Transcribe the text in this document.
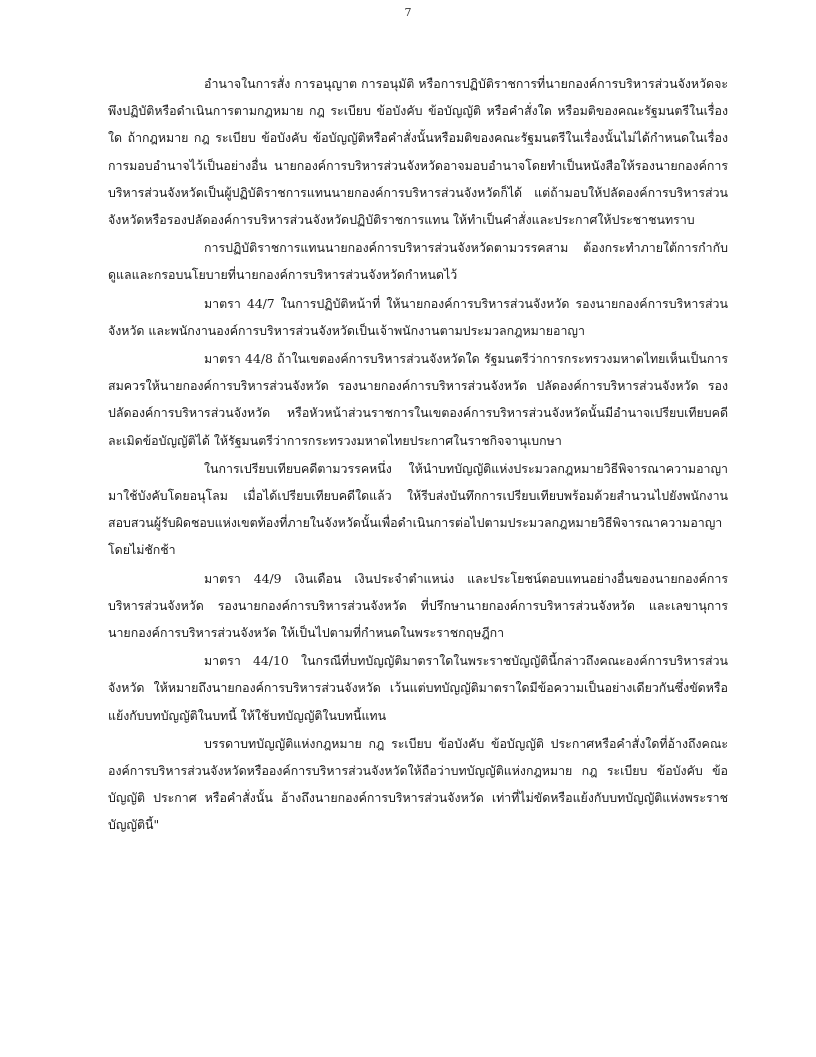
7

อำนาจในการสั่ง การอนุญาต การอนุมัติ หรือการปฏิบัติราชการที่นายกองค์การบริหารส่วนจังหวัดจะพึงปฏิบัติหรือดำเนินการตามกฎหมาย กฎ ระเบียบ ข้อบังคับ ข้อบัญญัติ หรือคำสั่งใด หรือมติของคณะรัฐมนตรีในเรื่องใด ถ้ากฎหมาย กฎ ระเบียบ ข้อบังคับ ข้อบัญญัติหรือคำสั่งนั้นหรือมติของคณะรัฐมนตรีในเรื่องนั้นไม่ได้กำหนดในเรื่องการมอบอำนาจไว้เป็นอย่างอื่น นายกองค์การบริหารส่วนจังหวัดอาจมอบอำนาจโดยทำเป็นหนังสือให้รองนายกองค์การบริหารส่วนจังหวัดเป็นผู้ปฏิบัติราชการแทนนายกองค์การบริหารส่วนจังหวัดก็ได้ แต่ถ้ามอบให้ปลัดองค์การบริหารส่วนจังหวัดหรือรองปลัดองค์การบริหารส่วนจังหวัดปฏิบัติราชการแทน ให้ทำเป็นคำสั่งและประกาศให้ประชาชนทราบ

การปฏิบัติราชการแทนนายกองค์การบริหารส่วนจังหวัดตามวรรคสาม ต้องกระทำภายใต้การกำกับดูแลและกรอบนโยบายที่นายกองค์การบริหารส่วนจังหวัดกำหนดไว้

มาตรา 44/7 ในการปฏิบัติหน้าที่ ให้นายกองค์การบริหารส่วนจังหวัด รองนายกองค์การบริหารส่วนจังหวัด และพนักงานองค์การบริหารส่วนจังหวัดเป็นเจ้าพนักงานตามประมวลกฎหมายอาญา

มาตรา 44/8 ถ้าในเขตองค์การบริหารส่วนจังหวัดใด รัฐมนตรีว่าการกระทรวงมหาดไทยเห็นเป็นการสมควรให้นายกองค์การบริหารส่วนจังหวัด รองนายกองค์การบริหารส่วนจังหวัด ปลัดองค์การบริหารส่วนจังหวัด รองปลัดองค์การบริหารส่วนจังหวัด หรือหัวหน้าส่วนราชการในเขตองค์การบริหารส่วนจังหวัดนั้นมีอำนาจเปรียบเทียบคดีละเมิดข้อบัญญัติได้ ให้รัฐมนตรีว่าการกระทรวงมหาดไทยประกาศในราชกิจจานุเบกษา

ในการเปรียบเทียบคดีตามวรรคหนึ่ง ให้นำบทบัญญัติแห่งประมวลกฎหมายวิธีพิจารณาความอาญามาใช้บังคับโดยอนุโลม เมื่อได้เปรียบเทียบคดีใดแล้ว ให้รีบส่งบันทึกการเปรียบเทียบพร้อมด้วยสำนวนไปยังพนักงานสอบสวนผู้รับผิดชอบแห่งเขตท้องที่ภายในจังหวัดนั้นเพื่อดำเนินการต่อไปตามประมวลกฎหมายวิธีพิจารณาความอาญาโดยไม่ชักช้า

มาตรา 44/9 เงินเดือน เงินประจำตำแหน่ง และประโยชน์ตอบแทนอย่างอื่นของนายกองค์การบริหารส่วนจังหวัด รองนายกองค์การบริหารส่วนจังหวัด ที่ปรึกษานายกองค์การบริหารส่วนจังหวัด และเลขานุการนายกองค์การบริหารส่วนจังหวัด ให้เป็นไปตามที่กำหนดในพระราชกฤษฎีกา

มาตรา 44/10 ในกรณีที่บทบัญญัติมาตราใดในพระราชบัญญัตินี้กล่าวถึงคณะองค์การบริหารส่วนจังหวัด ให้หมายถึงนายกองค์การบริหารส่วนจังหวัด เว้นแต่บทบัญญัติมาตราใดมีข้อความเป็นอย่างเดียวกันซึ่งขัดหรือแย้งกับบทบัญญัติในบทนี้ ให้ใช้บทบัญญัติในบทนี้แทน

บรรดาบทบัญญัติแห่งกฎหมาย กฎ ระเบียบ ข้อบังคับ ข้อบัญญัติ ประกาศหรือคำสั่งใดที่อ้างถึงคณะองค์การบริหารส่วนจังหวัดหรือองค์การบริหารส่วนจังหวัดให้ถือว่าบทบัญญัติแห่งกฎหมาย กฎ ระเบียบ ข้อบังคับ ข้อบัญญัติ ประกาศ หรือคำสั่งนั้น อ้างถึงนายกองค์การบริหารส่วนจังหวัด เท่าที่ไม่ขัดหรือแย้งกับบทบัญญัติแห่งพระราชบัญญัตินี้"
